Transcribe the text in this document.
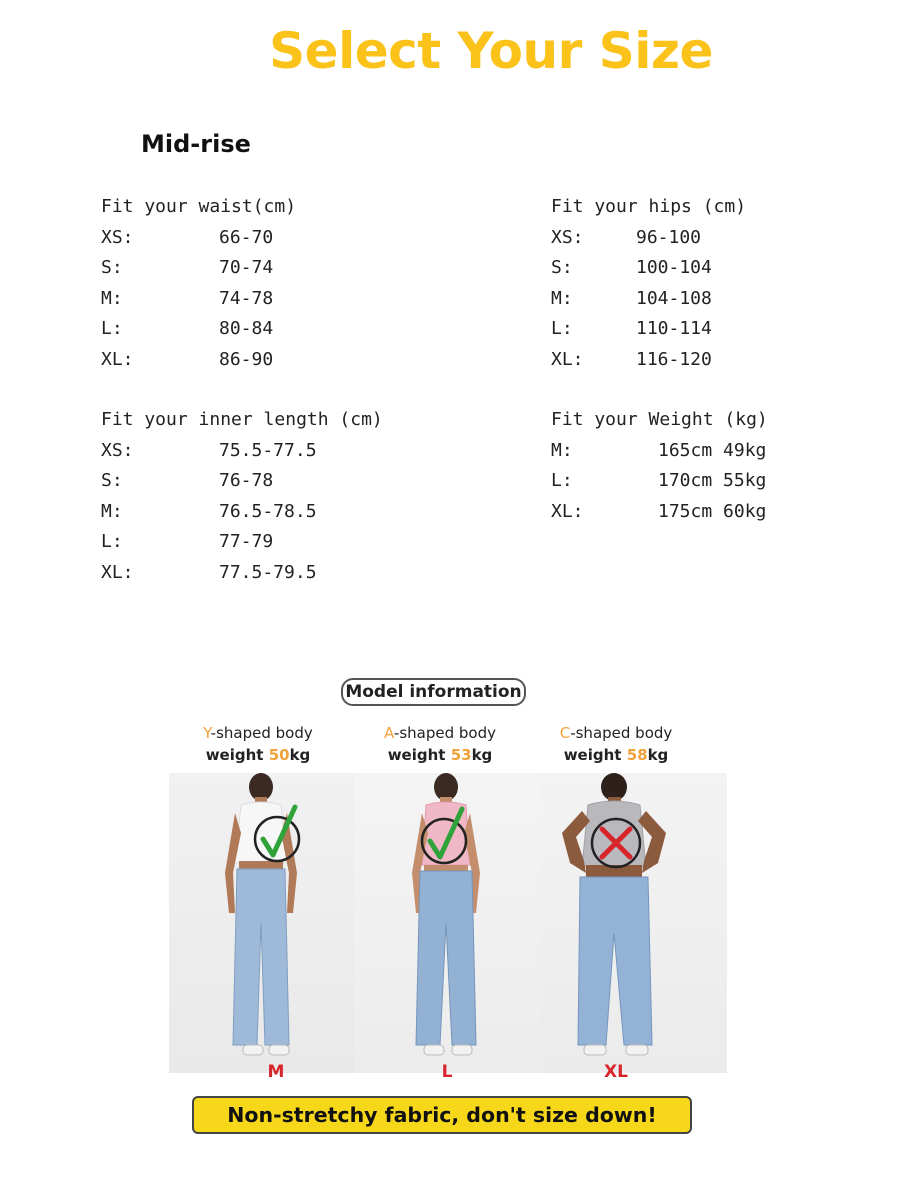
Select Your Size
Mid-rise
Fit your waist(cm)
XS:	66-70
S:	70-74
M:	74-78
L:	80-84
XL:	86-90
Fit your hips (cm)
XS:	96-100
S:	100-104
M:	104-108
L:	110-114
XL:	116-120
Fit your inner length (cm)
XS:	75.5-77.5
S:	76-78
M:	76.5-78.5
L:	77-79
XL:	77.5-79.5
Fit your Weight (kg)
M:	165cm 49kg
L:	170cm 55kg
XL:	175cm 60kg
Model information
Y-shaped body
weight 50kg
A-shaped body
weight 53kg
C-shaped body
weight 58kg
M	L	XL
Non-stretchy fabric, don't size down!
